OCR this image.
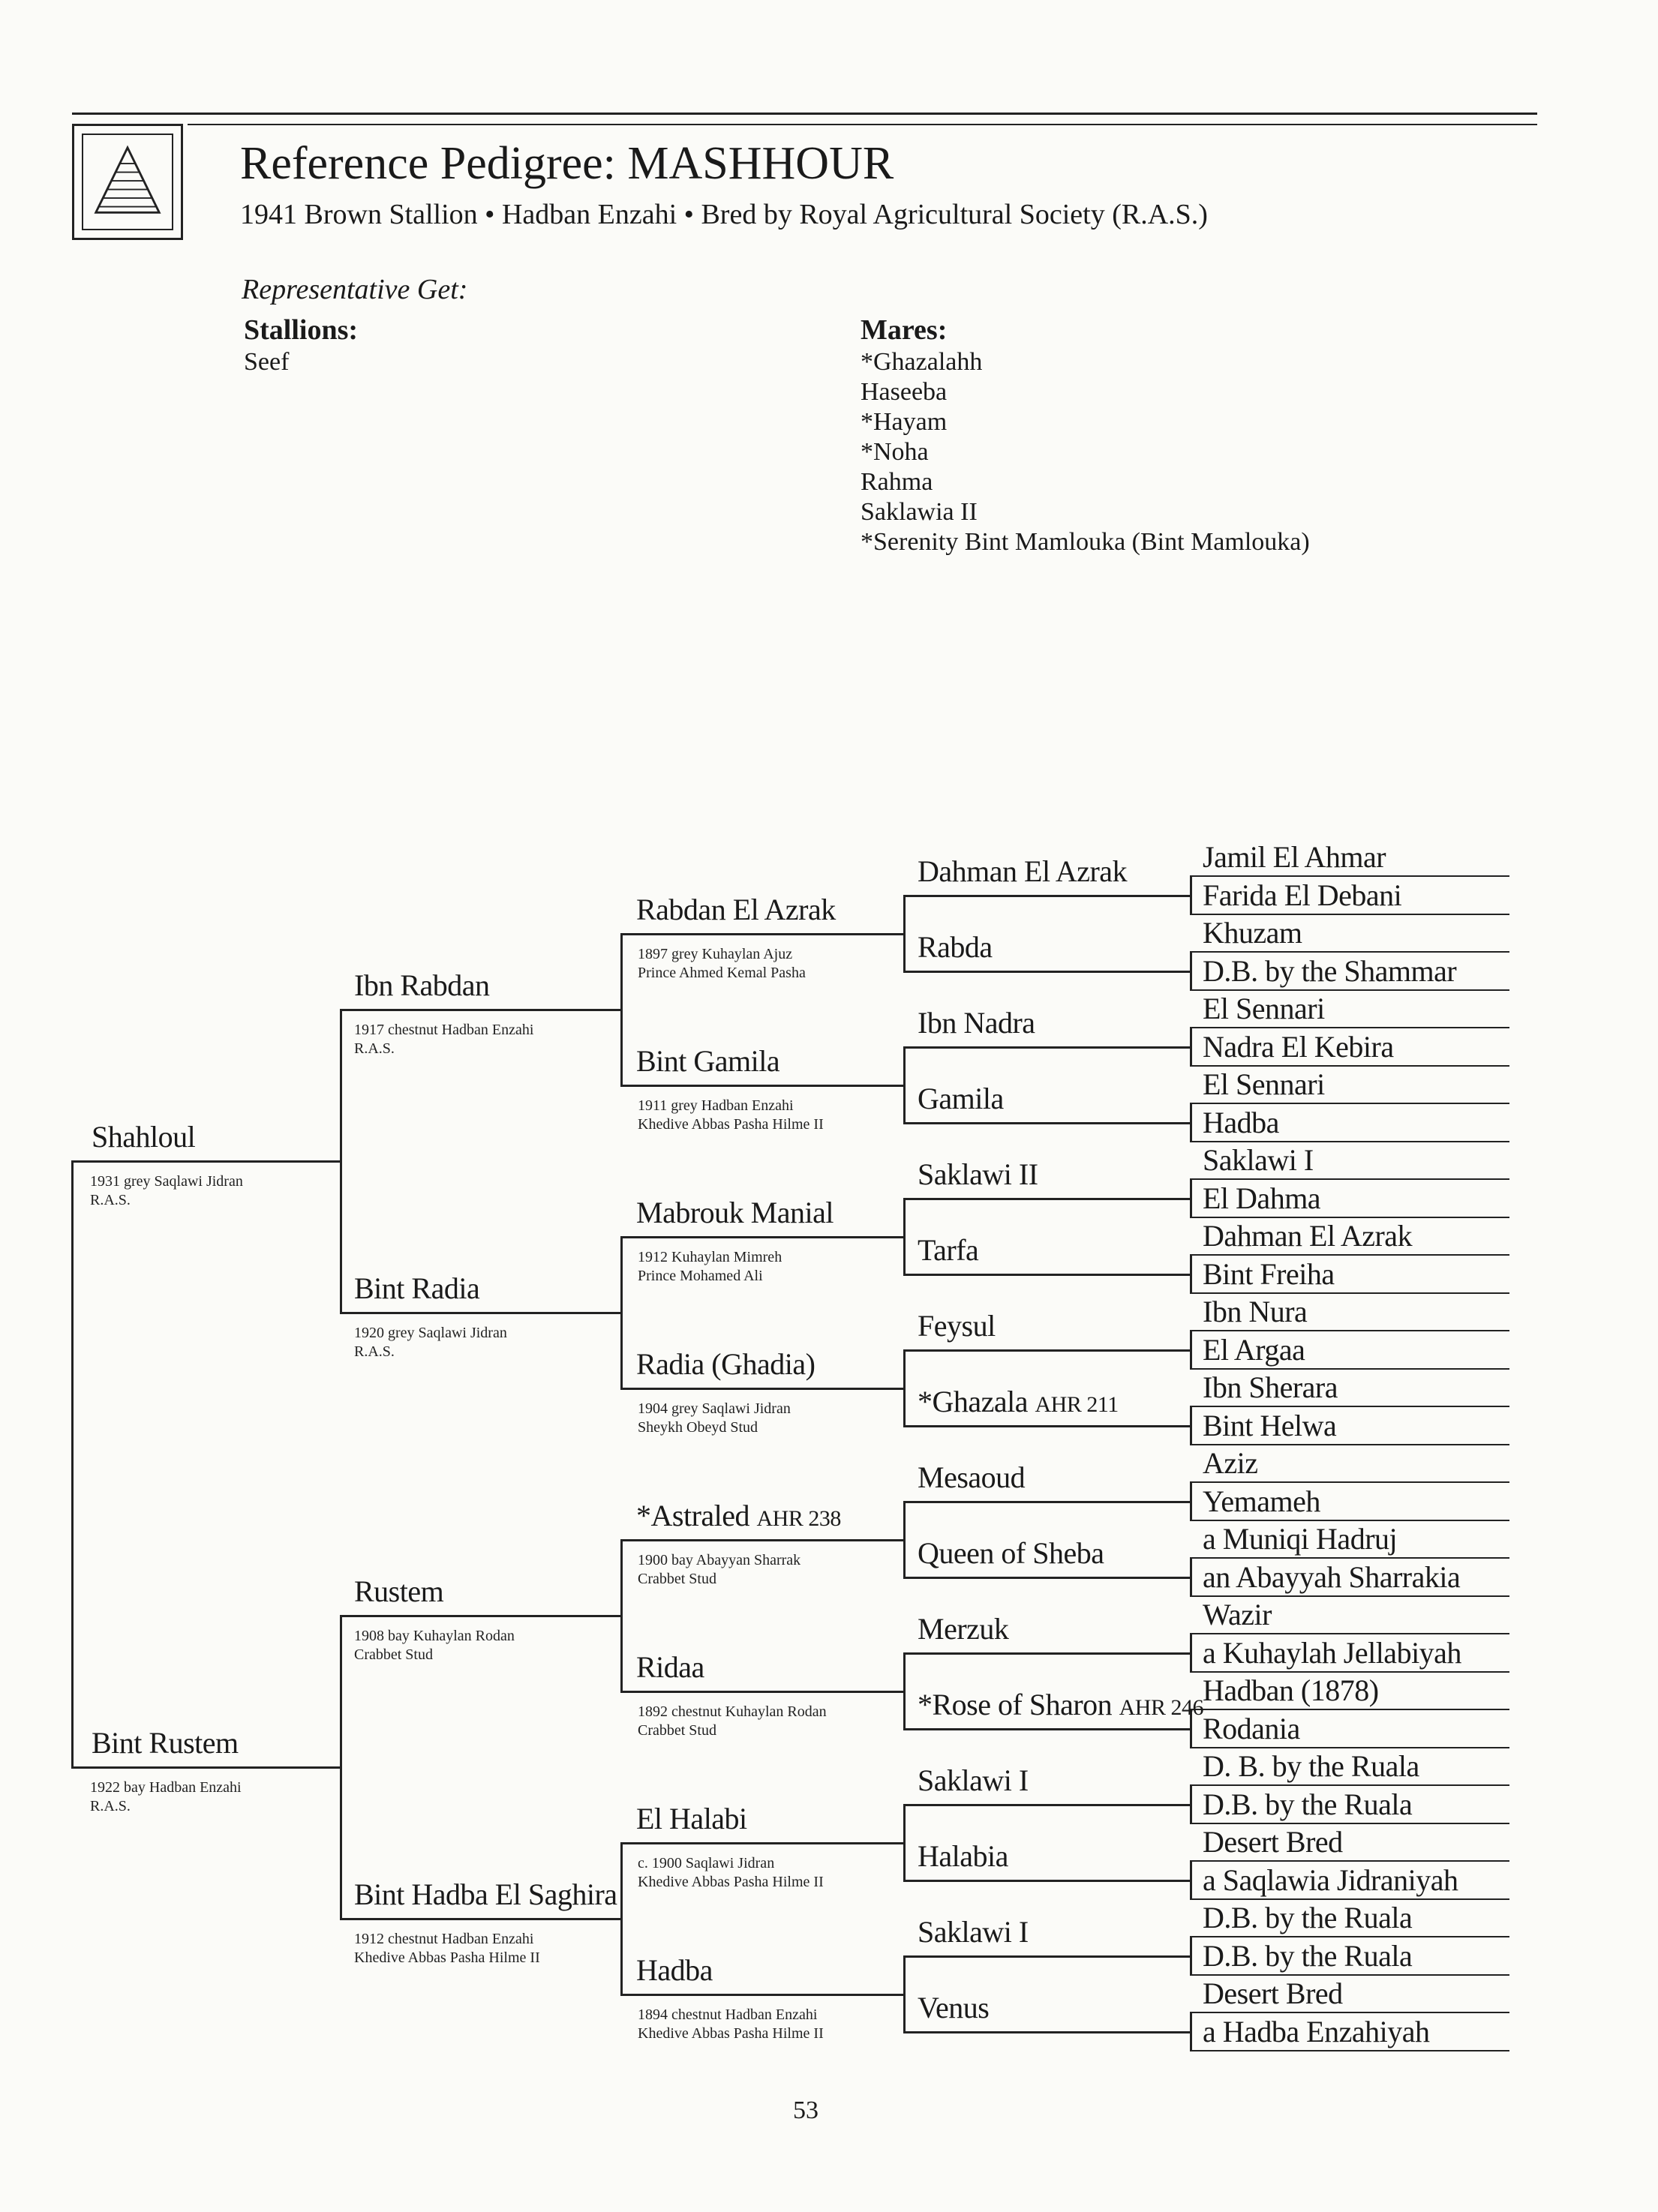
Reference Pedigree: MASHHOUR
1941 Brown Stallion • Hadban Enzahi • Bred by Royal Agricultural Society (R.A.S.)
Representative Get:
Stallions:
Seef
Mares:
*Ghazalahh
Haseeba
*Hayam
*Noha
Rahma
Saklawia II
*Serenity Bint Mamlouka (Bint Mamlouka)
Jamil El Ahmar
Farida El Debani
Khuzam
D.B. by the Shammar
El Sennari
Nadra El Kebira
El Sennari
Hadba
Saklawi I
El Dahma
Dahman El Azrak
Bint Freiha
Ibn Nura
El Argaa
Ibn Sherara
Bint Helwa
Aziz
Yemameh
a Muniqi Hadruj
an Abayyah Sharrakia
Wazir
a Kuhaylah Jellabiyah
Hadban (1878)
Rodania
D. B. by the Ruala
D.B. by the Ruala
Desert Bred
a Saqlawia Jidraniyah
D.B. by the Ruala
D.B. by the Ruala
Desert Bred
a Hadba Enzahiyah
Dahman El Azrak
Rabda
Ibn Nadra
Gamila
Saklawi II
Tarfa
Feysul
*Ghazala AHR 211
Mesaoud
Queen of Sheba
Merzuk
*Rose of Sharon AHR 246
Saklawi I
Halabia
Saklawi I
Venus
Rabdan El Azrak
1897 grey Kuhaylan Ajuz
Prince Ahmed Kemal Pasha
Bint Gamila
1911 grey Hadban Enzahi
Khedive Abbas Pasha Hilme II
Mabrouk Manial
1912 Kuhaylan Mimreh
Prince Mohamed Ali
Radia (Ghadia)
1904 grey Saqlawi Jidran
Sheykh Obeyd Stud
*Astraled AHR 238
1900 bay Abayyan Sharrak
Crabbet Stud
Ridaa
1892 chestnut Kuhaylan Rodan
Crabbet Stud
El Halabi
c. 1900 Saqlawi Jidran
Khedive Abbas Pasha Hilme II
Hadba
1894 chestnut Hadban Enzahi
Khedive Abbas Pasha Hilme II
Ibn Rabdan
1917 chestnut Hadban Enzahi
R.A.S.
Bint Radia
1920 grey Saqlawi Jidran
R.A.S.
Rustem
1908 bay Kuhaylan Rodan
Crabbet Stud
Bint Hadba El Saghira
1912 chestnut Hadban Enzahi
Khedive Abbas Pasha Hilme II
Shahloul
1931 grey Saqlawi Jidran
R.A.S.
Bint Rustem
1922 bay Hadban Enzahi
R.A.S.
53
